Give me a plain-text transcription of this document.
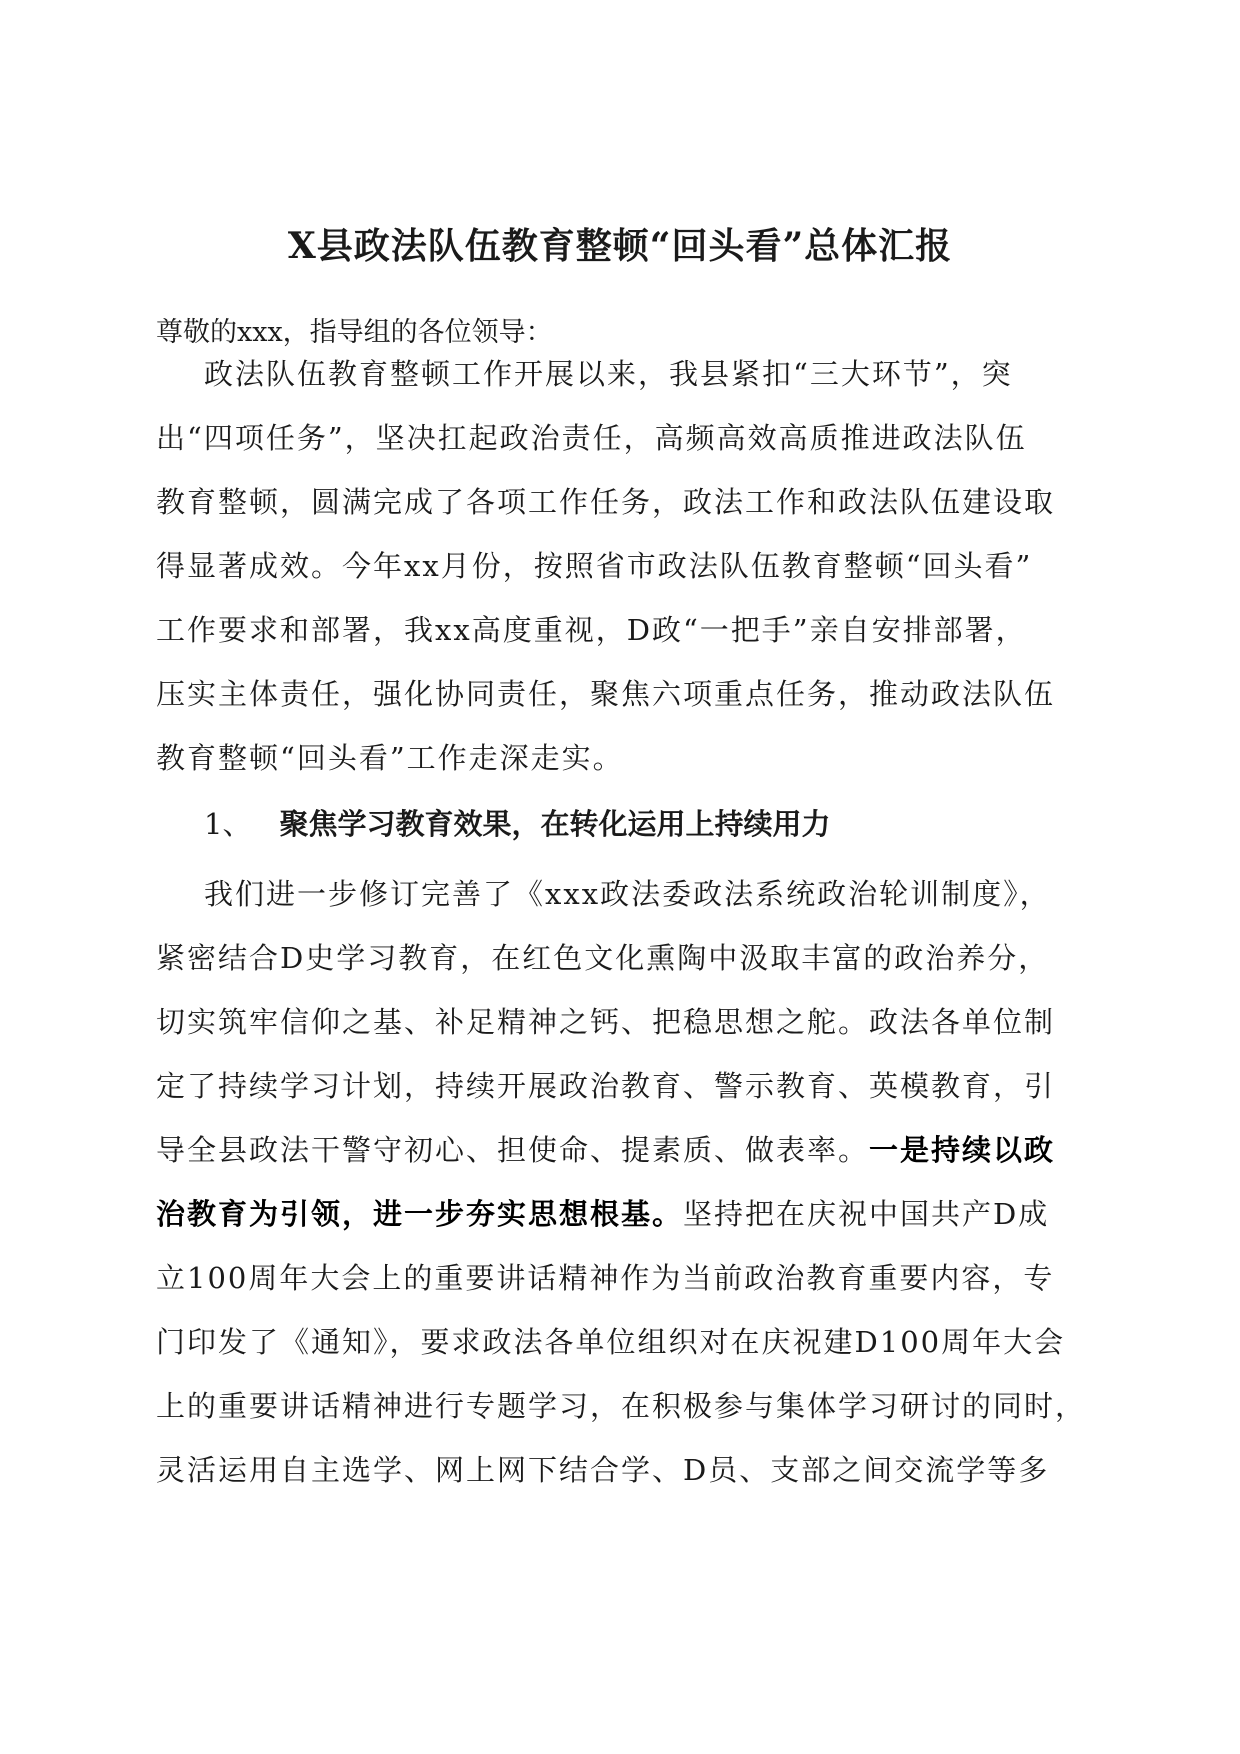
X县政法队伍教育整顿“回头看”总体汇报
尊敬的xxx，指导组的各位领导：
政法队伍教育整顿工作开展以来，我县紧扣“三大环节”，突
出“四项任务”，坚决扛起政治责任，高频高效高质推进政法队伍
教育整顿，圆满完成了各项工作任务，政法工作和政法队伍建设取
得显著成效。今年xx月份，按照省市政法队伍教育整顿“回头看”
工作要求和部署，我xx高度重视，D政“一把手”亲自安排部署，
压实主体责任，强化协同责任，聚焦六项重点任务，推动政法队伍
教育整顿“回头看”工作走深走实。
1、 聚焦学习教育效果，在转化运用上持续用力
我们进一步修订完善了《xxx政法委政法系统政治轮训制度》，
紧密结合D史学习教育，在红色文化熏陶中汲取丰富的政治养分，
切实筑牢信仰之基、补足精神之钙、把稳思想之舵。政法各单位制
定了持续学习计划，持续开展政治教育、警示教育、英模教育，引
导全县政法干警守初心、担使命、提素质、做表率。一是持续以政
治教育为引领，进一步夯实思想根基。坚持把在庆祝中国共产D成
立100周年大会上的重要讲话精神作为当前政治教育重要内容，专
门印发了《通知》，要求政法各单位组织对在庆祝建D100周年大会
上的重要讲话精神进行专题学习，在积极参与集体学习研讨的同时，
灵活运用自主选学、网上网下结合学、D员、支部之间交流学等多
